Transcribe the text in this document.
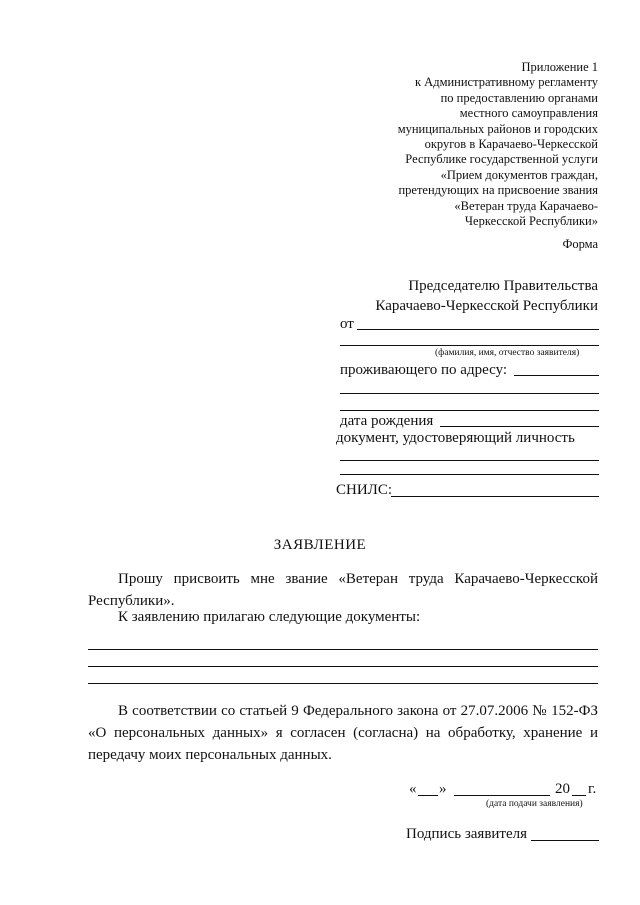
Приложение 1
к Административному регламенту
по предоставлению органами
местного самоуправления
муниципальных районов и городских
округов в Карачаево-Черкесской
Республике государственной услуги
«Прием документов граждан,
претендующих на присвоение звания
«Ветеран труда Карачаево-
Черкесской Республики»
Форма
Председателю Правительства
Карачаево-Черкесской Республики
от
(фамилия, имя, отчество заявителя)
проживающего по адресу:
дата рождения
документ, удостоверяющий личность
СНИЛС:
ЗАЯВЛЕНИЕ
Прошу присвоить мне звание «Ветеран труда Карачаево-Черкесской Республики».
К заявлению прилагаю следующие документы:
В соответствии со статьей 9 Федерального закона от 27.07.2006 № 152-ФЗ «О персональных данных» я согласен (согласна) на обработку, хранение и передачу моих персональных данных.
« »	20 г.
(дата подачи заявления)
Подпись заявителя
